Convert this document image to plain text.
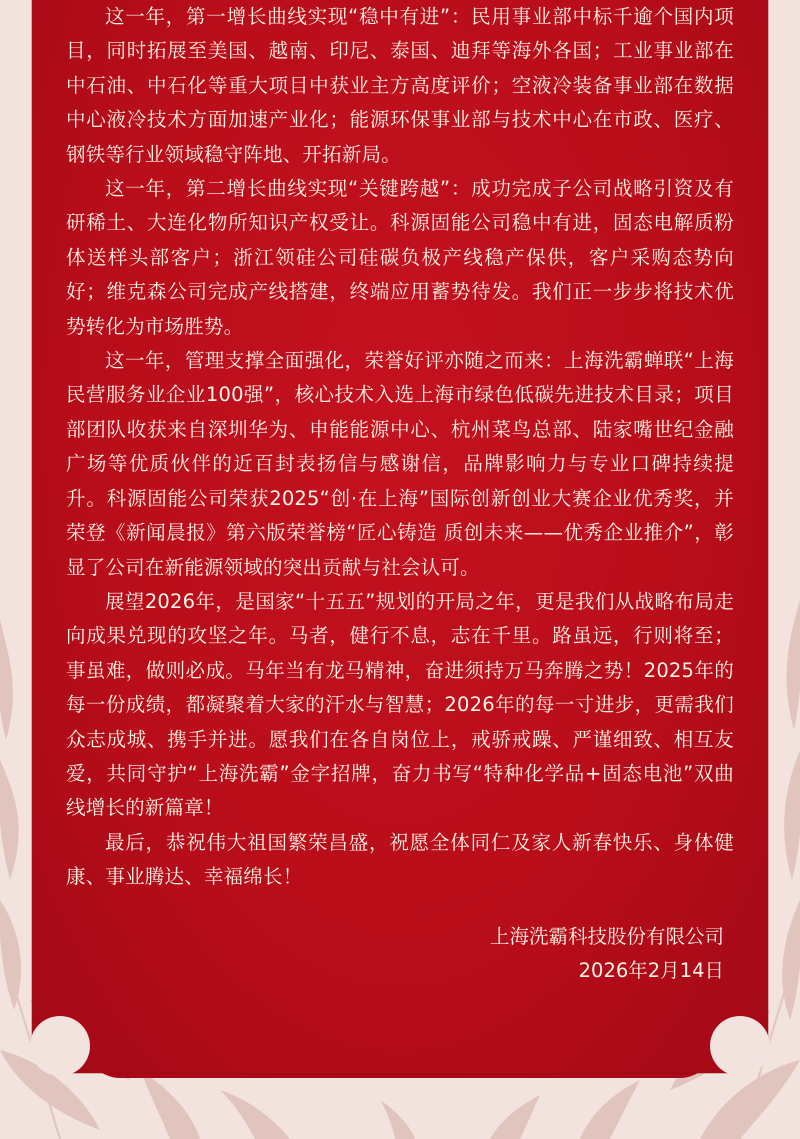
这一年，第一增长曲线实现“稳中有进”：民用事业部中标千逾个国内项目，同时拓展至美国、越南、印尼、泰国、迪拜等海外各国；工业事业部在中石油、中石化等重大项目中获业主方高度评价；空液冷装备事业部在数据中心液冷技术方面加速产业化；能源环保事业部与技术中心在市政、医疗、钢铁等行业领域稳守阵地、开拓新局。

这一年，第二增长曲线实现“关键跨越”：成功完成子公司战略引资及有研稀土、大连化物所知识产权受让。科源固能公司稳中有进，固态电解质粉体送样头部客户；浙江领硅公司硅碳负极产线稳产保供，客户采购态势向好；维克森公司完成产线搭建，终端应用蓄势待发。我们正一步步将技术优势转化为市场胜势。

这一年，管理支撑全面强化，荣誉好评亦随之而来：上海洗霸蝉联“上海民营服务业企业100强”，核心技术入选上海市绿色低碳先进技术目录；项目部团队收获来自深圳华为、申能能源中心、杭州菜鸟总部、陆家嘴世纪金融广场等优质伙伴的近百封表扬信与感谢信，品牌影响力与专业口碑持续提升。科源固能公司荣获2025“创·在上海”国际创新创业大赛企业优秀奖，并荣登《新闻晨报》第六版荣誉榜“匠心铸造 质创未来——优秀企业推介”，彰显了公司在新能源领域的突出贡献与社会认可。

展望2026年，是国家“十五五”规划的开局之年，更是我们从战略布局走向成果兑现的攻坚之年。马者，健行不息，志在千里。路虽远，行则将至；事虽难，做则必成。马年当有龙马精神，奋进须持万马奔腾之势！2025年的每一份成绩，都凝聚着大家的汗水与智慧；2026年的每一寸进步，更需我们众志成城、携手并进。愿我们在各自岗位上，戒骄戒躁、严谨细致、相互友爱，共同守护“上海洗霸”金字招牌，奋力书写“特种化学品+固态电池”双曲线增长的新篇章！

最后，恭祝伟大祖国繁荣昌盛，祝愿全体同仁及家人新春快乐、身体健康、事业腾达、幸福绵长！

上海洗霸科技股份有限公司
2026年2月14日
